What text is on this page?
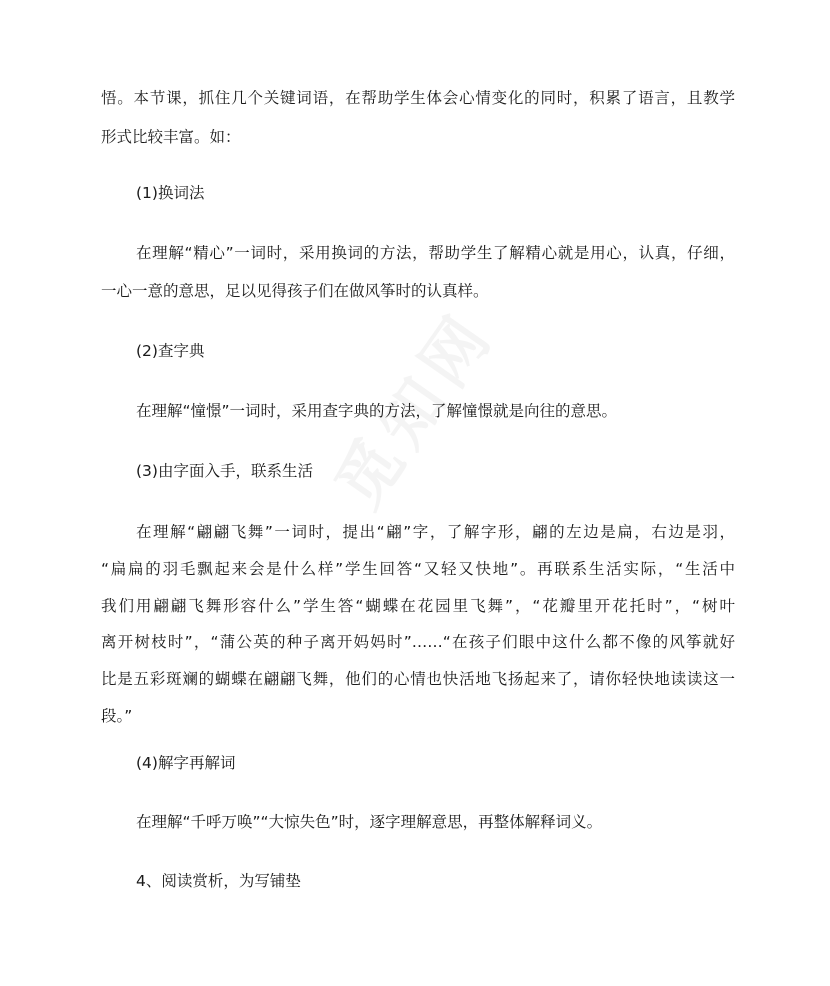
悟。本节课，抓住几个关键词语，在帮助学生体会心情变化的同时，积累了语言，且教学
形式比较丰富。如：
(1)换词法
在理解“精心”一词时，采用换词的方法，帮助学生了解精心就是用心，认真，仔细，
一心一意的意思，足以见得孩子们在做风筝时的认真样。
(2)查字典
在理解“憧憬”一词时，采用查字典的方法，了解憧憬就是向往的意思。
(3)由字面入手，联系生活
在理解“翩翩飞舞”一词时，提出“翩”字，了解字形，翩的左边是扁，右边是羽，
“扁扁的羽毛飘起来会是什么样”学生回答“又轻又快地”。再联系生活实际，“生活中
我们用翩翩飞舞形容什么”学生答“蝴蝶在花园里飞舞”，“花瓣里开花托时”，“树叶
离开树枝时”，“蒲公英的种子离开妈妈时”……“在孩子们眼中这什么都不像的风筝就好
比是五彩斑斓的蝴蝶在翩翩飞舞，他们的心情也快活地飞扬起来了，请你轻快地读读这一
段。”
(4)解字再解词
在理解“千呼万唤”“大惊失色”时，逐字理解意思，再整体解释词义。
4、阅读赏析，为写铺垫
